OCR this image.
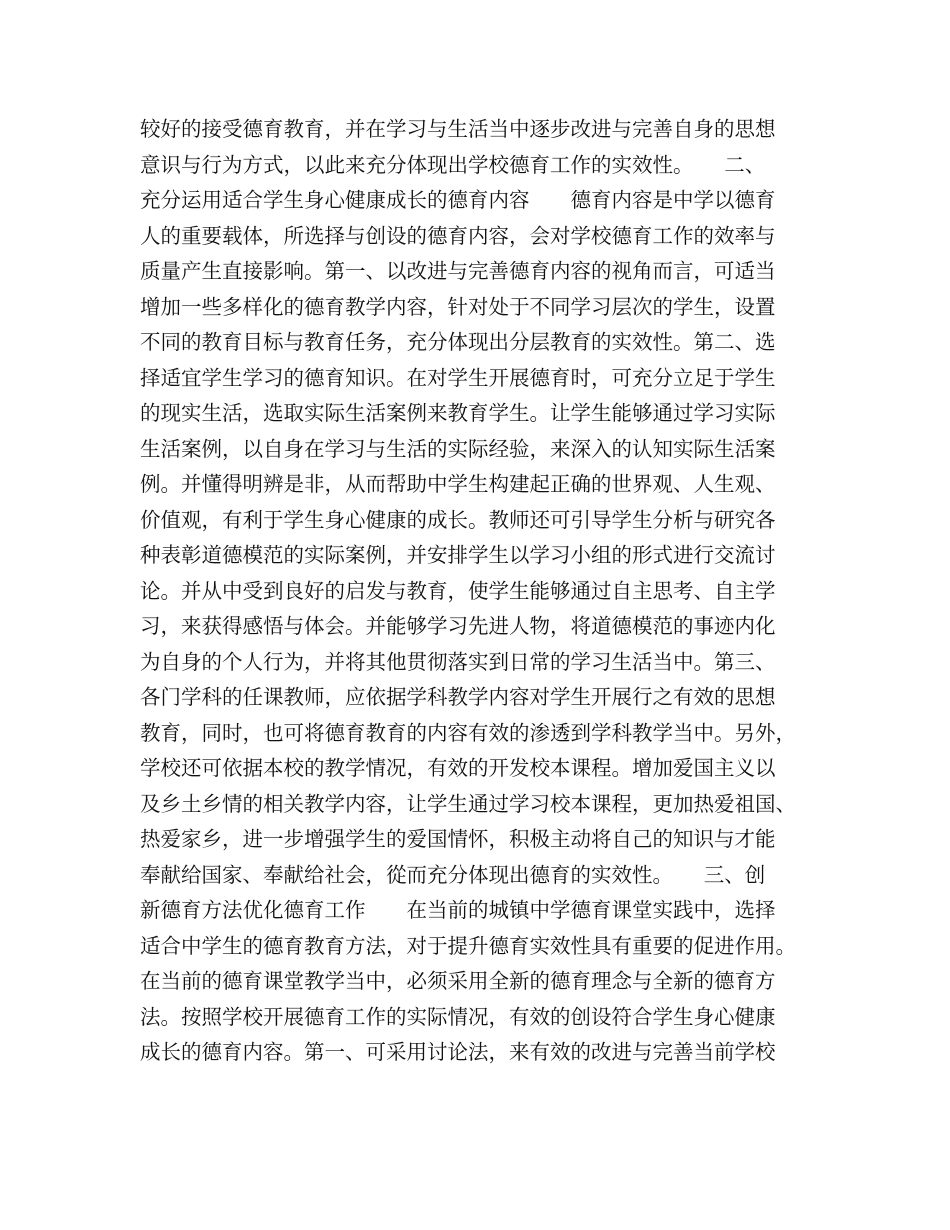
较好的接受德育教育，并在学习与生活当中逐步改进与完善自身的思想
意识与行为方式，以此来充分体现出学校德育工作的实效性。　　二、
充分运用适合学生身心健康成长的德育内容　　德育内容是中学以德育
人的重要载体，所选择与创设的德育内容，会对学校德育工作的效率与
质量产生直接影响。第一、以改进与完善德育内容的视角而言，可适当
增加一些多样化的德育教学内容，针对处于不同学习层次的学生，设置
不同的教育目标与教育任务，充分体现出分层教育的实效性。第二、选
择适宜学生学习的德育知识。在对学生开展德育时，可充分立足于学生
的现实生活，选取实际生活案例来教育学生。让学生能够通过学习实际
生活案例，以自身在学习与生活的实际经验，来深入的认知实际生活案
例。并懂得明辨是非，从而帮助中学生构建起正确的世界观、人生观、
价值观，有利于学生身心健康的成长。教师还可引导学生分析与研究各
种表彰道德模范的实际案例，并安排学生以学习小组的形式进行交流讨
论。并从中受到良好的启发与教育，使学生能够通过自主思考、自主学
习，来获得感悟与体会。并能够学习先进人物，将道德模范的事迹内化
为自身的个人行为，并将其他贯彻落实到日常的学习生活当中。第三、
各门学科的任课教师，应依据学科教学内容对学生开展行之有效的思想
教育，同时，也可将德育教育的内容有效的渗透到学科教学当中。另外，
学校还可依据本校的教学情况，有效的开发校本课程。增加爱国主义以
及乡土乡情的相关教学内容，让学生通过学习校本课程，更加热爱祖国、
热爱家乡，进一步增强学生的爱国情怀，积极主动将自己的知识与才能
奉献给国家、奉献给社会，從而充分体现出德育的实效性。　　三、创
新德育方法优化德育工作　　在当前的城镇中学德育课堂实践中，选择
适合中学生的德育教育方法，对于提升德育实效性具有重要的促进作用。
在当前的德育课堂教学当中，必须采用全新的德育理念与全新的德育方
法。按照学校开展德育工作的实际情况，有效的创设符合学生身心健康
成长的德育内容。第一、可采用讨论法，来有效的改进与完善当前学校
